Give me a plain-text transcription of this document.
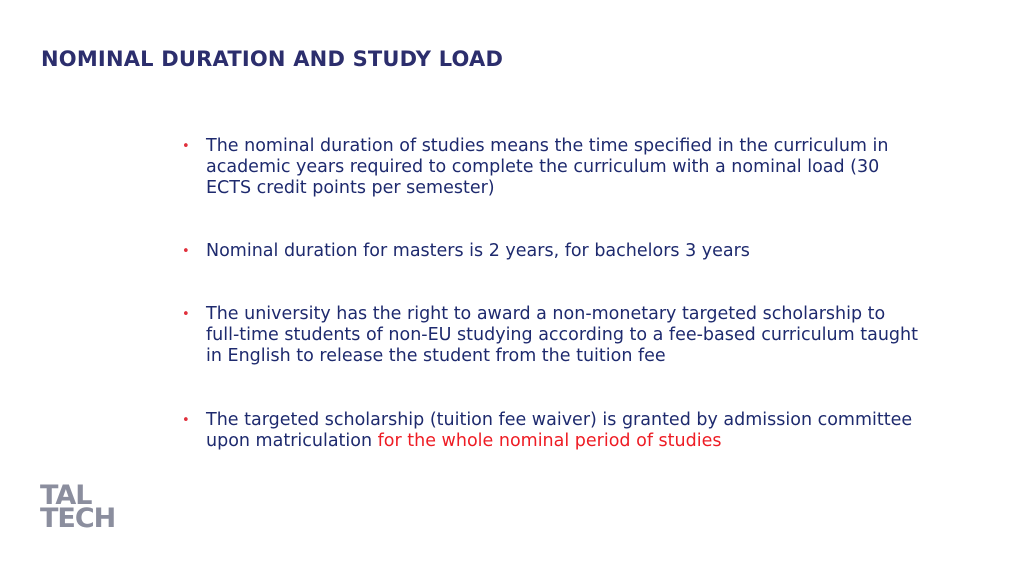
NOMINAL DURATION AND STUDY LOAD
• The nominal duration of studies means the time specified in the curriculum in academic years required to complete the curriculum with a nominal load (30 ECTS credit points per semester)
• Nominal duration for masters is 2 years, for bachelors 3 years
• The university has the right to award a non-monetary targeted scholarship to full-time students of non-EU studying according to a fee-based curriculum taught in English to release the student from the tuition fee
• The targeted scholarship (tuition fee waiver) is granted by admission committee upon matriculation for the whole nominal period of studies
TAL
TECH
